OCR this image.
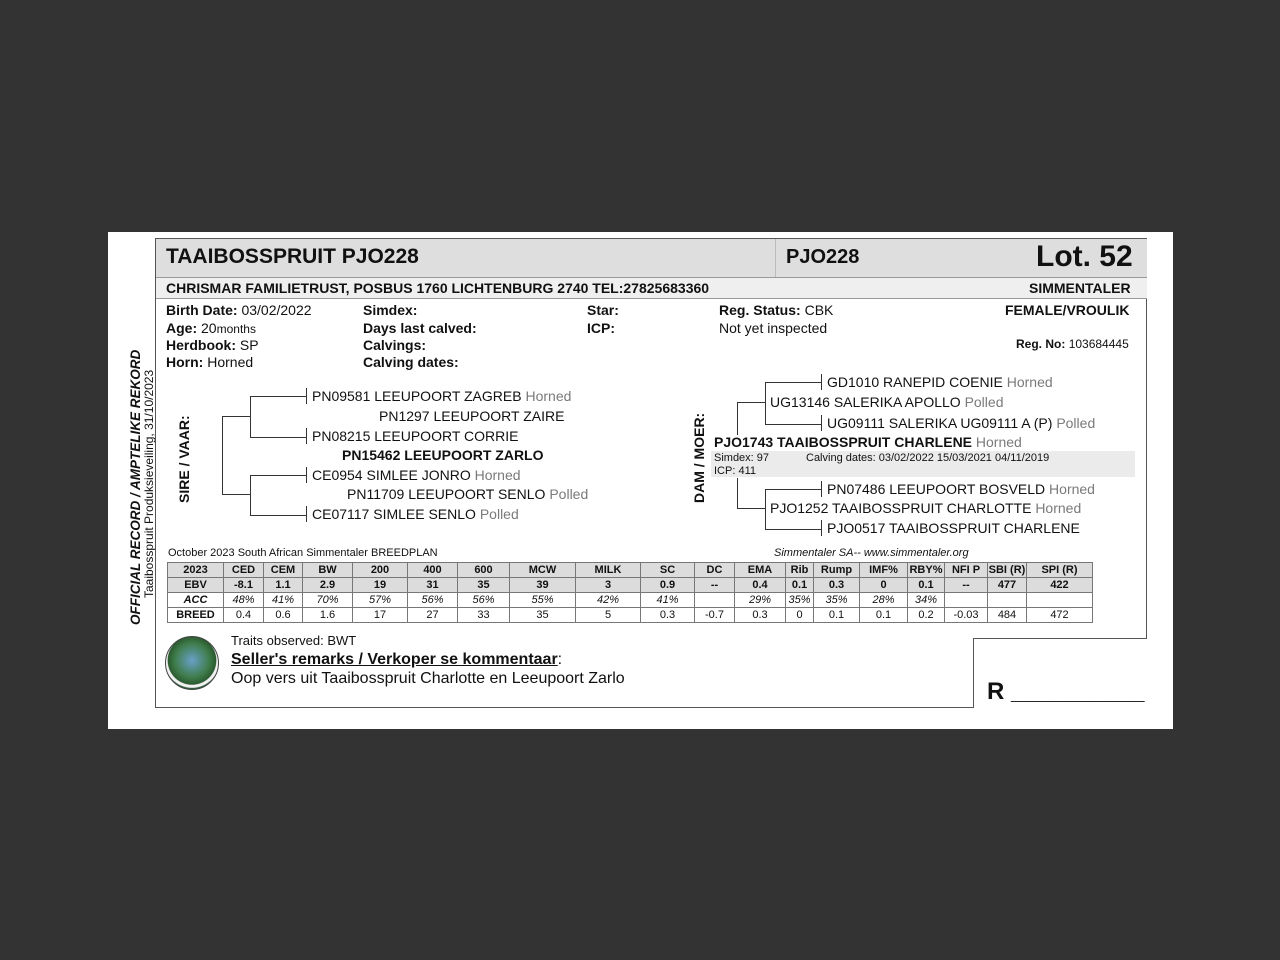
OFFICIAL RECORD / AMPTELIKE REKORD Taaibosspruit Produksieveiling, 31/10/2023
TAAIBOSSPRUIT PJO228	PJO228	Lot. 52
CHRISMAR FAMILIETRUST, POSBUS 1760 LICHTENBURG 2740 TEL:27825683360	SIMMENTALER
Birth Date: 03/02/2022
Age: 20months
Herdbook: SP
Horn: Horned
Simdex:
Days last calved:
Calvings:
Calving dates:
Star:
ICP:
Reg. Status: CBK
Not yet inspected
FEMALE/VROULIK
Reg. No: 103684445
SIRE / VAAR:
PN09581 LEEUPOORT ZAGREB Horned
PN1297 LEEUPOORT ZAIRE
PN08215 LEEUPOORT CORRIE
PN15462 LEEUPOORT ZARLO
CE0954 SIMLEE JONRO Horned
PN11709 LEEUPOORT SENLO Polled
CE07117 SIMLEE SENLO Polled
DAM / MOER:
GD1010 RANEPID COENIE Horned
UG13146 SALERIKA APOLLO Polled
UG09111 SALERIKA UG09111 A (P) Polled
PJO1743 TAAIBOSSPRUIT CHARLENE Horned
Simdex: 97	Calving dates: 03/02/2022 15/03/2021 04/11/2019
ICP: 411
PN07486 LEEUPOORT BOSVELD Horned
PJO1252 TAAIBOSSPRUIT CHARLOTTE Horned
PJO0517 TAAIBOSSPRUIT CHARLENE
October 2023 South African Simmentaler BREEDPLAN	Simmentaler SA-- www.simmentaler.org
2023	CED	CEM	BW	200	400	600	MCW	MILK	SC	DC	EMA	Rib	Rump	IMF%	RBY%	NFI P	SBI (R)	SPI (R)
EBV	-8.1	1.1	2.9	19	31	35	39	3	0.9	--	0.4	0.1	0.3	0	0.1	--	477	422
ACC	48%	41%	70%	57%	56%	56%	55%	42%	41%		29%	35%	35%	28%	34%			
BREED	0.4	0.6	1.6	17	27	33	35	5	0.3	-0.7	0.3	0	0.1	0.1	0.2	-0.03	484	472
Traits observed: BWT
Seller's remarks / Verkoper se kommentaar:
Oop vers uit Taaibosspruit Charlotte en Leeupoort Zarlo	R __________
